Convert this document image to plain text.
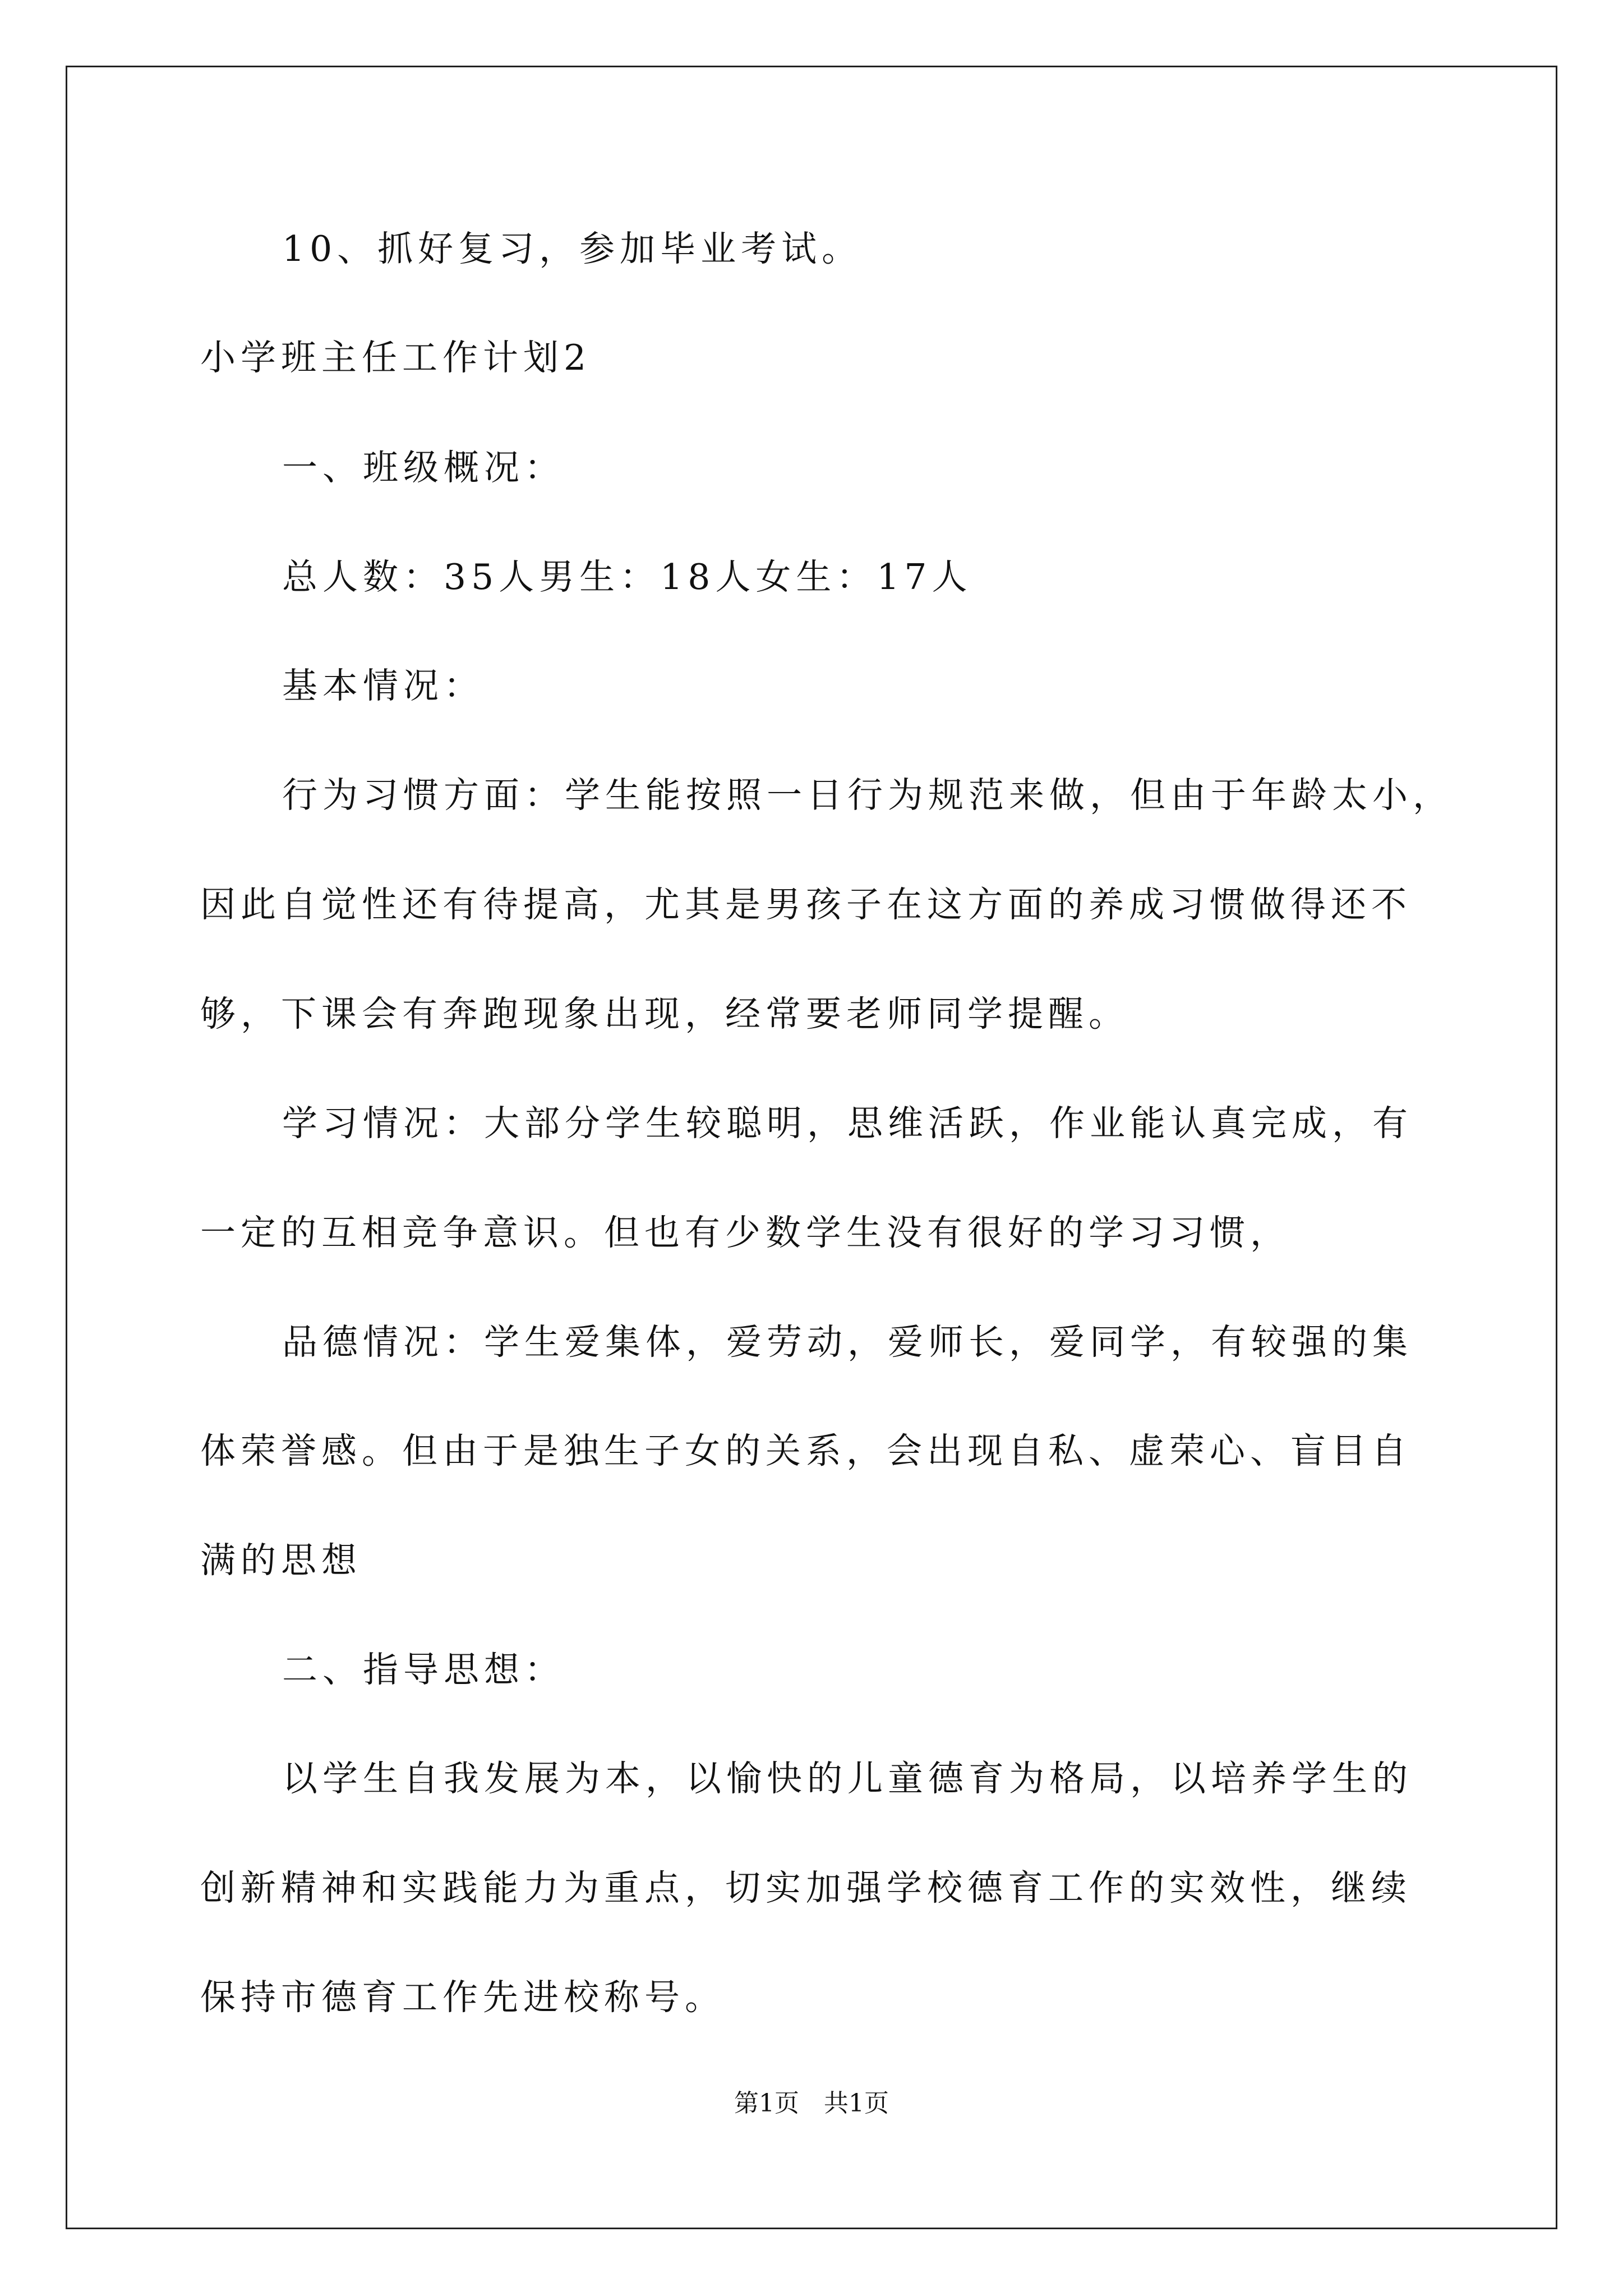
10、抓好复习，参加毕业考试。
小学班主任工作计划2
一、班级概况：
总人数：35人男生：18人女生：17人
基本情况：
行为习惯方面：学生能按照一日行为规范来做，但由于年龄太小，
因此自觉性还有待提高，尤其是男孩子在这方面的养成习惯做得还不
够，下课会有奔跑现象出现，经常要老师同学提醒。
学习情况：大部分学生较聪明，思维活跃，作业能认真完成，有
一定的互相竞争意识。但也有少数学生没有很好的学习习惯，
品德情况：学生爱集体，爱劳动，爱师长，爱同学，有较强的集
体荣誉感。但由于是独生子女的关系，会出现自私、虚荣心、盲目自
满的思想
二、指导思想：
以学生自我发展为本，以愉快的儿童德育为格局，以培养学生的
创新精神和实践能力为重点，切实加强学校德育工作的实效性，继续
保持市德育工作先进校称号。
第1页　共1页
